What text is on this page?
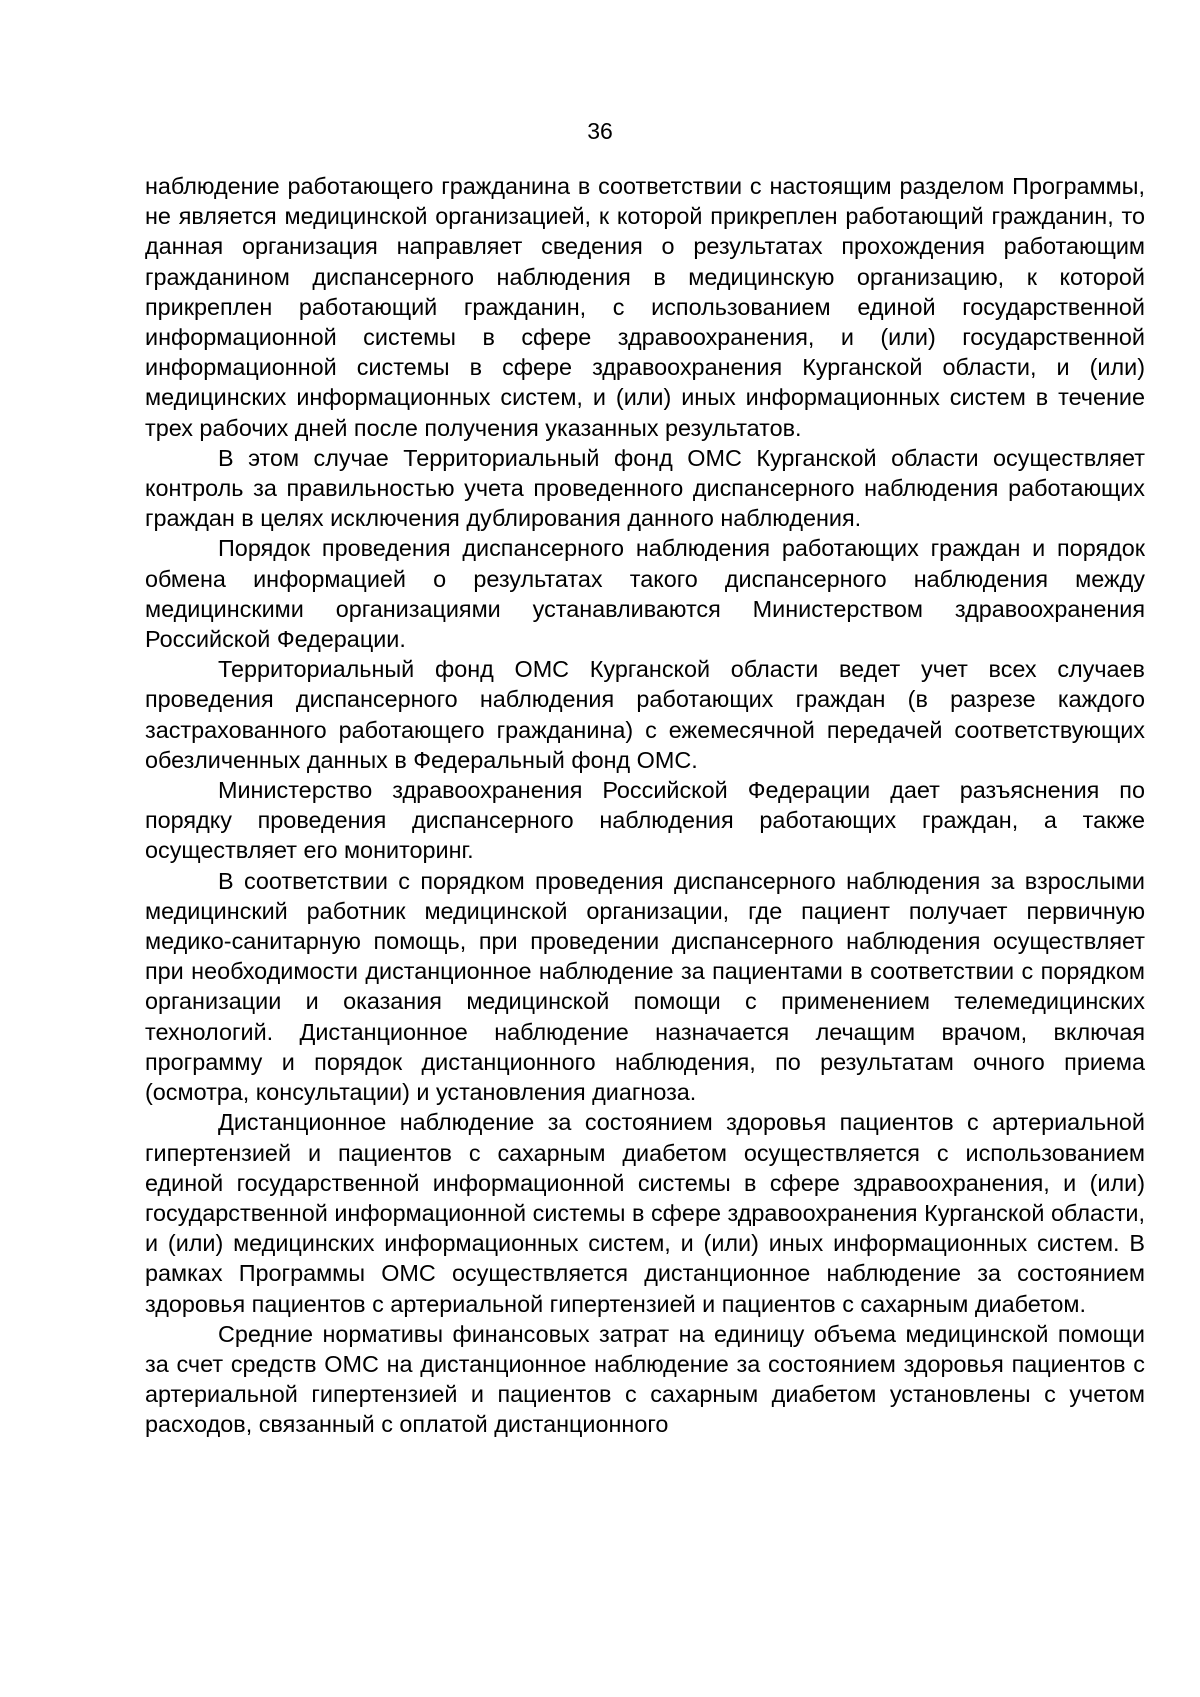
36

наблюдение работающего гражданина в соответствии с настоящим разделом Программы, не является медицинской организацией, к которой прикреплен работающий гражданин, то данная организация направляет сведения о результатах прохождения работающим гражданином диспансерного наблюдения в медицинскую организацию, к которой прикреплен работающий гражданин, с использованием единой государственной информационной системы в сфере здравоохранения, и (или) государственной информационной системы в сфере здравоохранения Курганской области, и (или) медицинских информационных систем, и (или) иных информационных систем в течение трех рабочих дней после получения указанных результатов.

В этом случае Территориальный фонд ОМС Курганской области осуществляет контроль за правильностью учета проведенного диспансерного наблюдения работающих граждан в целях исключения дублирования данного наблюдения.

Порядок проведения диспансерного наблюдения работающих граждан и порядок обмена информацией о результатах такого диспансерного наблюдения между медицинскими организациями устанавливаются Министерством здравоохранения Российской Федерации.

Территориальный фонд ОМС Курганской области ведет учет всех случаев проведения диспансерного наблюдения работающих граждан (в разрезе каждого застрахованного работающего гражданина) с ежемесячной передачей соответствующих обезличенных данных в Федеральный фонд ОМС.

Министерство здравоохранения Российской Федерации дает разъяснения по порядку проведения диспансерного наблюдения работающих граждан, а также осуществляет его мониторинг.

В соответствии с порядком проведения диспансерного наблюдения за взрослыми медицинский работник медицинской организации, где пациент получает первичную медико-санитарную помощь, при проведении диспансерного наблюдения осуществляет при необходимости дистанционное наблюдение за пациентами в соответствии с порядком организации и оказания медицинской помощи с применением телемедицинских технологий. Дистанционное наблюдение назначается лечащим врачом, включая программу и порядок дистанционного наблюдения, по результатам очного приема (осмотра, консультации) и установления диагноза.

Дистанционное наблюдение за состоянием здоровья пациентов с артериальной гипертензией и пациентов с сахарным диабетом осуществляется с использованием единой государственной информационной системы в сфере здравоохранения, и (или) государственной информационной системы в сфере здравоохранения Курганской области, и (или) медицинских информационных систем, и (или) иных информационных систем. В рамках Программы ОМС осуществляется дистанционное наблюдение за состоянием здоровья пациентов с артериальной гипертензией и пациентов с сахарным диабетом.

Средние нормативы финансовых затрат на единицу объема медицинской помощи за счет средств ОМС на дистанционное наблюдение за состоянием здоровья пациентов с артериальной гипертензией и пациентов с сахарным диабетом установлены с учетом расходов, связанный с оплатой дистанционного
